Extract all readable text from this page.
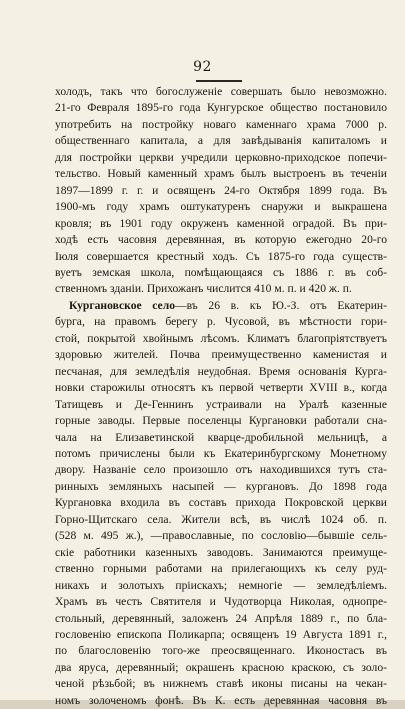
92
холодъ, такъ что богослуженіе совершать было невозможно.
21-го Февраля 1895-го года Кунгурское общество постановило
употребить на постройку новаго каменнаго храма 7000 р.
общественнаго капитала, а для завѣдыванія капиталомъ и
для постройки церкви учредили церковно-приходское попечи-
тельство. Новый каменный храмъ былъ выстроенъ въ теченіи
1897—1899 г. г. и освященъ 24-го Октября 1899 года. Въ
1900-мъ году храмъ оштукатуренъ снаружи и выкрашена
кровля; въ 1901 году окруженъ каменной оградой. Въ при-
ходѣ есть часовня деревянная, въ которую ежегодно 20-го
Іюля совершается крестный ходъ. Съ 1875-го года существ-
вуетъ земская школа, помѣщающаяся съ 1886 г. въ соб-
ственномъ зданіи. Прихожанъ числится 410 м. п. и 420 ж. п.
Кургановское село—въ 26 в. къ Ю.-З. отъ Екатерин-
бурга, на правомъ берегу р. Чусовой, въ мѣстности гори-
стой, покрытой хвойнымъ лѣсомъ. Климатъ благопріятствуетъ
здоровью жителей. Почва преимущественно каменистая и
песчаная, для земледѣлія неудобная. Время основанія Курга-
новки старожилы относятъ къ первой четверти XVIII в., когда
Татищевъ и Де-Геннинъ устраивали на Уралѣ казенные
горные заводы. Первые поселенцы Кургановки работали сна-
чала на Елизаветинской кварце-дробильной мельницѣ, а
потомъ причислены были къ Екатеринбургскому Монетному
двору. Названіе село произошло отъ находившихся тутъ ста-
ринныхъ земляныхъ насыпей — кургановъ. До 1898 года
Кургановка входила въ составъ прихода Покровской церкви
Горно-Щитскаго села. Жители всѣ, въ числѣ 1024 об. п.
(528 м. 495 ж.), —православные, по сословію—бывшіе сель-
скіе работники казенныхъ заводовъ. Занимаются преимуще-
ственно горными работами на прилегающихъ къ селу руд-
никахъ и золотыхъ пріискахъ; немногіе — земледѣліемъ.
Храмъ въ честь Святителя и Чудотворца Николая, однопре-
стольный, деревянный, заложенъ 24 Апрѣля 1889 г., по бла-
гословенію епископа Поликарпа; освященъ 19 Августа 1891 г.,
по благословенію того-же преосвященнаго. Иконостасъ въ
два яруса, деревянный; окрашенъ красною краскою, съ золо-
ченой рѣзьбой; въ нижнемъ ставѣ иконы писаны на чекан-
номъ золоченомъ фонѣ. Въ К. есть деревянная часовня въ
